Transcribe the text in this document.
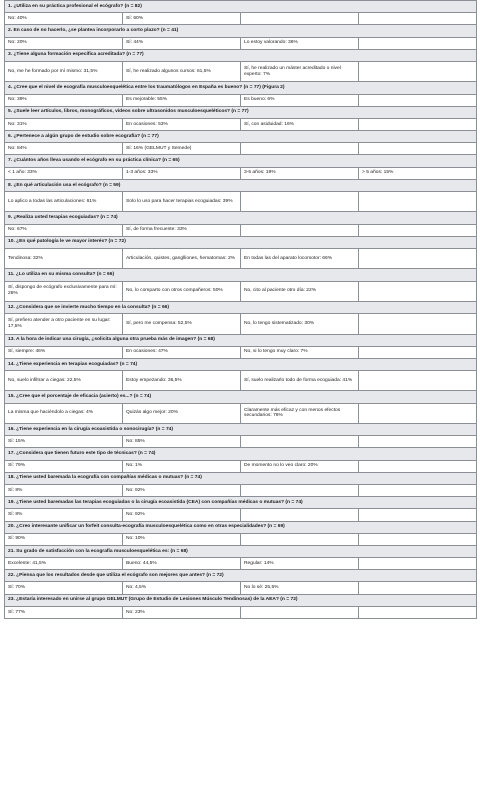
1. ¿Utiliza en su práctica profesional el ecógrafo? (n = 82)			
No: 40%	Sí: 60%		
2. En caso de no hacerlo, ¿se plantea incorporarlo a corto plazo? (n = 41)			
No: 20%	Sí: 44%	Lo estoy valorando: 36%	
3. ¿Tiene alguna formación específica acreditada? (n = 77)			
No, me he formado por mí mismo: 31,5%	Sí, he realizado algunos cursos: 61,5%	Sí, he realizado un máster acreditado o nivel experto: 7%	
4. ¿Cree que el nivel de ecografía musculoesquelética entre los traumatólogos en España es bueno? (n = 77) (Figura 2)			
No: 39%	Es mejorable: 55%	Es bueno: 6%	
5. ¿Suele leer artículos, libros, monográficos, vídeos sobre ultrasonidos musculoesqueléticos? (n = 77)			
No: 31%	En ocasiones: 53%	Sí, con asiduidad: 16%	
6. ¿Pertenece a algún grupo de estudio sobre ecografía? (n = 77)			
No: 84%	Sí: 16% (GELMUT y Semede)		
7. ¿Cuántos años lleva usando el ecógrafo en su práctica clínica? (n = 65)			
< 1 año: 33%	1-3 años: 33%	3-5 años: 19%	> 5 años: 15%
8. ¿En qué articulación usa el ecógrafo? (n = 59)			
Lo aplico a todas las articulaciones: 61%	Solo lo uso para hacer terapias ecoguiadas: 39%		
9. ¿Realiza usted terapias ecoguiadas? (n = 74)			
No: 67%	Sí, de forma frecuente: 33%		
10. ¿En qué patología le ve mayor interés? (n = 72)			
Tendinosa: 32%	Articulación, quistes, ganglliones, hematomas: 2%	En todas las del aparato locomotor: 66%	
11. ¿Lo utiliza en su misma consulta? (n = 66)			
Sí, dispongo de ecógrafo exclusivamente para mí: 28%	No, lo comparto con otros compañeros: 50%	No, cito al paciente otro día: 22%	
12. ¿Considera que se invierte mucho tiempo en la consulta? (n = 66)			
Sí, prefiero atender a otro paciente en su lugar: 17,5%	Sí, pero me compensa: 52,5%	No, lo tengo sistematizado: 30%	
13. A la hora de indicar una cirugía, ¿solicita alguna otra prueba más de imagen? (n = 68)			
Sí, siempre: 46%	En ocasiones: 47%	No, si lo tengo muy claro: 7%	
14. ¿Tiene experiencia en terapias ecoguiadas? (n = 74)			
No, suelo infiltrar a ciegas: 22,5%	Estoy empezando: 36,5%	Sí, suelo realizarlo todo de forma ecoguiada: 41%	
15. ¿Cree que el porcentaje de eficacia (acierto) es...? (n = 74)			
La misma que haciéndolo a ciegas: 4%	Quizás algo mejor: 20%	Claramente más eficaz y con menos efectos secundarios: 76%	
16. ¿Tiene experiencia en la cirugía ecoasistida o sonocirugía? (n = 74)			
Sí: 15%	No: 85%		
17. ¿Considera que tienen futuro este tipo de técnicas? (n = 74)			
Sí: 79%	No: 1%	De momento no lo veo claro: 20%	
18. ¿Tiene usted baremada la ecografía con compañías médicas o mutuas? (n = 74)			
Sí: 8%	No: 92%		
19. ¿Tiene usted baremadas las terapias ecoguiadas o la cirugía ecoasistida (CEA) con compañías médicas o mutuas? (n = 74)			
Sí: 8%	No: 92%		
20. ¿Creo interesante unificar un forfeit consulta-ecografía musculoesquelética como en otras especialidades? (n = 69)			
Sí: 90%	No: 10%		
21. Su grado de satisfacción con la ecografía musculoesquelética es: (n = 68)			
Excelente: 41,5%	Bueno: 44,5%	Regular: 14%	
22. ¿Piensa que los resultados desde que utiliza el ecógrafo son mejores que antes? (n = 72)			
Sí: 70%	No: 4,5%	No lo sé: 25,5%	
23. ¿Estaría interesado en unirse al grupo GELMUT (Grupo de Estudio de Lesiones Músculo Tendinosas) de la AEA? (n = 72)			
Sí: 77%	No: 23%		
